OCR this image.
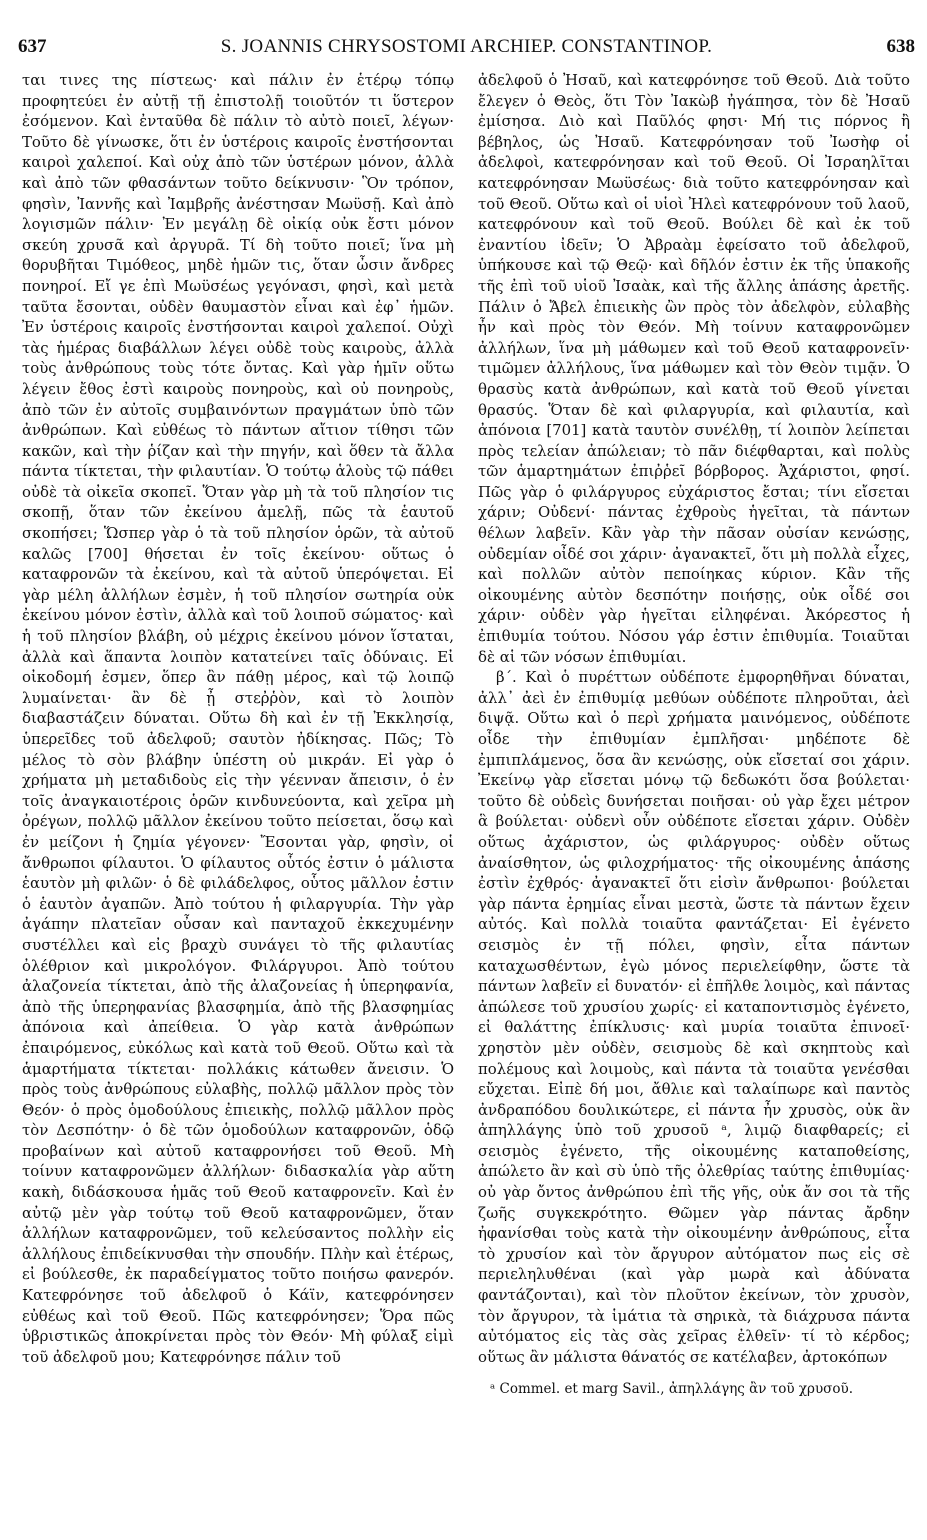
637	S. JOANNIS CHRYSOSTOMI ARCHIEP. CONSTANTINOP.	638

ται τινες της πίστεως· καὶ πάλιν ἐν ἑτέρῳ τόπῳ προφητεύει ἐν αὐτῇ τῇ ἐπιστολῇ τοιοῦτόν τι ὕστερον ἐσόμενον. Καὶ ἐνταῦθα δὲ πάλιν τὸ αὐτὸ ποιεῖ, λέγων· Τοῦτο δὲ γίνωσκε, ὅτι ἐν ὑστέροις καιροῖς ἐνστήσονται καιροὶ χαλεποί. Καὶ οὐχ ἀπὸ τῶν ὑστέρων μόνον, ἀλλὰ καὶ ἀπὸ τῶν φθασάντων τοῦτο δείκνυσιν· Ὃν τρόπον, φησὶν, Ἰαννῆς καὶ Ἰαμβρῆς ἀνέστησαν Μωϋσῇ. Καὶ ἀπὸ λογισμῶν πάλιν· Ἐν μεγάλῃ δὲ οἰκίᾳ οὐκ ἔστι μόνον σκεύη χρυσᾶ καὶ ἀργυρᾶ. Τί δὴ τοῦτο ποιεῖ; ἵνα μὴ θορυβῆται Τιμόθεος, μηδὲ ἡμῶν τις, ὅταν ὦσιν ἄνδρες πονηροί. Εἴ γε ἐπὶ Μωϋσέως γεγόνασι, φησὶ, καὶ μετὰ ταῦτα ἔσονται, οὐδὲν θαυμαστὸν εἶναι καὶ ἐφ᾽ ἡμῶν. Ἐν ὑστέροις καιροῖς ἐνστήσονται καιροὶ χαλεποί. Οὐχὶ τὰς ἡμέρας διαβάλλων λέγει οὐδὲ τοὺς καιροὺς, ἀλλὰ τοὺς ἀνθρώπους τοὺς τότε ὄντας. Καὶ γὰρ ἡμῖν οὕτω λέγειν ἔθος ἐστὶ καιροὺς πονηροὺς, καὶ οὐ πονηροὺς, ἀπὸ τῶν ἐν αὐτοῖς συμβαινόντων πραγμάτων ὑπὸ τῶν ἀνθρώπων. Καὶ εὐθέως τὸ πάντων αἴτιον τίθησι τῶν κακῶν, καὶ τὴν ῥίζαν καὶ τὴν πηγήν, καὶ ὅθεν τὰ ἄλλα πάντα τίκτεται, τὴν φιλαυτίαν. Ὁ τούτῳ ἁλοὺς τῷ πάθει οὐδὲ τὰ οἰκεῖα σκοπεῖ. Ὅταν γὰρ μὴ τὰ τοῦ πλησίον τις σκοπῇ, ὅταν τῶν ἐκείνου ἀμελῇ, πῶς τὰ ἑαυτοῦ σκοπήσει; Ὥσπερ γὰρ ὁ τὰ τοῦ πλησίον ὁρῶν, τὰ αὐτοῦ καλῶς [700] θήσεται ἐν τοῖς ἐκείνου· οὕτως ὁ καταφρονῶν τὰ ἐκείνου, καὶ τὰ αὐτοῦ ὑπερόψεται. Εἰ γὰρ μέλη ἀλλήλων ἐσμὲν, ἡ τοῦ πλησίον σωτηρία οὐκ ἐκείνου μόνον ἐστὶν, ἀλλὰ καὶ τοῦ λοιποῦ σώματος· καὶ ἡ τοῦ πλησίον βλάβη, οὐ μέχρις ἐκείνου μόνον ἵσταται, ἀλλὰ καὶ ἅπαντα λοιπὸν κατατείνει ταῖς ὀδύναις. Εἰ οἰκοδομή ἐσμεν, ὅπερ ἂν πάθῃ μέρος, καὶ τῷ λοιπῷ λυμαίνεται· ἂν δὲ ᾖ στεῤῥὸν, καὶ τὸ λοιπὸν διαβαστάζειν δύναται. Οὕτω δὴ καὶ ἐν τῇ Ἐκκλησίᾳ, ὑπερεῖδες τοῦ ἀδελφοῦ; σαυτὸν ἠδίκησας. Πῶς; Τὸ μέλος τὸ σὸν βλάβην ὑπέστη οὐ μικράν. Εἰ γὰρ ὁ χρήματα μὴ μεταδιδοὺς εἰς τὴν γέενναν ἄπεισιν, ὁ ἐν τοῖς ἀναγκαιοτέροις ὁρῶν κινδυνεύοντα, καὶ χεῖρα μὴ ὀρέγων, πολλῷ μᾶλλον ἐκείνου τοῦτο πείσεται, ὅσῳ καὶ ἐν μείζονι ἡ ζημία γέγονεν· Ἔσονται γὰρ, φησὶν, οἱ ἄνθρωποι φίλαυτοι. Ὁ φίλαυτος οὗτός ἐστιν ὁ μάλιστα ἑαυτὸν μὴ φιλῶν· ὁ δὲ φιλάδελφος, οὗτος μᾶλλον ἐστιν ὁ ἑαυτὸν ἀγαπῶν. Ἀπὸ τούτου ἡ φιλαργυρία. Τὴν γὰρ ἀγάπην πλατεῖαν οὖσαν καὶ πανταχοῦ ἐκκεχυμένην συστέλλει καὶ εἰς βραχὺ συνάγει τὸ τῆς φιλαυτίας ὀλέθριον καὶ μικρολόγον. Φιλάργυροι. Ἀπὸ τούτου ἀλαζονεία τίκτεται, ἀπὸ τῆς ἀλαζονείας ἡ ὑπερηφανία, ἀπὸ τῆς ὑπερηφανίας βλασφημία, ἀπὸ τῆς βλασφημίας ἀπόνοια καὶ ἀπείθεια. Ὁ γὰρ κατὰ ἀνθρώπων ἐπαιρόμενος, εὐκόλως καὶ κατὰ τοῦ Θεοῦ. Οὕτω καὶ τὰ ἁμαρτήματα τίκτεται· πολλάκις κάτωθεν ἄνεισιν. Ὁ πρὸς τοὺς ἀνθρώπους εὐλαβὴς, πολλῷ μᾶλλον πρὸς τὸν Θεόν· ὁ πρὸς ὁμοδούλους ἐπιεικὴς, πολλῷ μᾶλλον πρὸς τὸν Δεσπότην· ὁ δὲ τῶν ὁμοδούλων καταφρονῶν, ὁδῷ προβαίνων καὶ αὐτοῦ καταφρονήσει τοῦ Θεοῦ. Μὴ τοίνυν καταφρονῶμεν ἀλλήλων· διδασκαλία γὰρ αὕτη κακὴ, διδάσκουσα ἡμᾶς τοῦ Θεοῦ καταφρονεῖν. Καὶ ἐν αὐτῷ μὲν γὰρ τούτῳ τοῦ Θεοῦ καταφρονῶμεν, ὅταν ἀλλήλων καταφρονῶμεν, τοῦ κελεύσαντος πολλὴν εἰς ἀλλήλους ἐπιδείκνυσθαι τὴν σπουδήν. Πλὴν καὶ ἑτέρως, εἰ βούλεσθε, ἐκ παραδείγματος τοῦτο ποιήσω φανερόν. Κατεφρόνησε τοῦ ἀδελφοῦ ὁ Κάϊν, κατεφρόνησεν εὐθέως καὶ τοῦ Θεοῦ. Πῶς κατεφρόνησεν; Ὅρα πῶς ὑβριστικῶς ἀποκρίνεται πρὸς τὸν Θεόν· Μὴ φύλαξ εἰμὶ τοῦ ἀδελφοῦ μου; Κατεφρόνησε πάλιν τοῦ

ἀδελφοῦ ὁ Ἠσαῦ, καὶ κατεφρόνησε τοῦ Θεοῦ. Διὰ τοῦτο ἔλεγεν ὁ Θεὸς, ὅτι Τὸν Ἰακὼβ ἠγάπησα, τὸν δὲ Ἠσαῦ ἐμίσησα. Διὸ καὶ Παῦλός φησι· Μή τις πόρνος ἢ βέβηλος, ὡς Ἠσαῦ. Κατεφρόνησαν τοῦ Ἰωσὴφ οἱ ἀδελφοὶ, κατεφρόνησαν καὶ τοῦ Θεοῦ. Οἱ Ἰσραηλῖται κατεφρόνησαν Μωϋσέως· διὰ τοῦτο κατεφρόνησαν καὶ τοῦ Θεοῦ. Οὕτω καὶ οἱ υἱοὶ Ἠλεὶ κατεφρόνουν τοῦ λαοῦ, κατεφρόνουν καὶ τοῦ Θεοῦ. Βούλει δὲ καὶ ἐκ τοῦ ἐναντίου ἰδεῖν; Ὁ Ἀβραὰμ ἐφείσατο τοῦ ἀδελφοῦ, ὑπήκουσε καὶ τῷ Θεῷ· καὶ δῆλόν ἐστιν ἐκ τῆς ὑπακοῆς τῆς ἐπὶ τοῦ υἱοῦ Ἰσαὰκ, καὶ τῆς ἄλλης ἁπάσης ἀρετῆς. Πάλιν ὁ Ἄβελ ἐπιεικὴς ὢν πρὸς τὸν ἀδελφὸν, εὐλαβὴς ἦν καὶ πρὸς τὸν Θεόν. Μὴ τοίνυν καταφρονῶμεν ἀλλήλων, ἵνα μὴ μάθωμεν καὶ τοῦ Θεοῦ καταφρονεῖν· τιμῶμεν ἀλλήλους, ἵνα μάθωμεν καὶ τὸν Θεὸν τιμᾷν. Ὁ θρασὺς κατὰ ἀνθρώπων, καὶ κατὰ τοῦ Θεοῦ γίνεται θρασύς. Ὅταν δὲ καὶ φιλαργυρία, καὶ φιλαυτία, καὶ ἀπόνοια [701] κατὰ ταυτὸν συνέλθῃ, τί λοιπὸν λείπεται πρὸς τελείαν ἀπώλειαν; τὸ πᾶν διέφθαρται, καὶ πολὺς τῶν ἁμαρτημάτων ἐπιῤῥεῖ βόρβορος. Ἀχάριστοι, φησί. Πῶς γὰρ ὁ φιλάργυρος εὐχάριστος ἔσται; τίνι εἴσεται χάριν; Οὐδενί· πάντας ἐχθροὺς ἡγεῖται, τὰ πάντων θέλων λαβεῖν. Κἂν γὰρ τὴν πᾶσαν οὐσίαν κενώσῃς, οὐδεμίαν οἶδέ σοι χάριν· ἀγανακτεῖ, ὅτι μὴ πολλὰ εἶχες, καὶ πολλῶν αὐτὸν πεποίηκας κύριον. Κἂν τῆς οἰκουμένης αὐτὸν δεσπότην ποιήσῃς, οὐκ οἶδέ σοι χάριν· οὐδὲν γὰρ ἡγεῖται εἰληφέναι. Ἀκόρεστος ἡ ἐπιθυμία τούτου. Νόσου γάρ ἐστιν ἐπιθυμία. Τοιαῦται δὲ αἱ τῶν νόσων ἐπιθυμίαι.

β΄. Καὶ ὁ πυρέττων οὐδέποτε ἐμφορηθῆναι δύναται, ἀλλ᾽ ἀεὶ ἐν ἐπιθυμίᾳ μεθύων οὐδέποτε πληροῦται, ἀεὶ διψᾷ. Οὕτω καὶ ὁ περὶ χρήματα μαινόμενος, οὐδέποτε οἶδε τὴν ἐπιθυμίαν ἐμπλῆσαι· μηδέποτε δὲ ἐμπιπλάμενος, ὅσα ἂν κενώσῃς, οὐκ εἴσεταί σοι χάριν. Ἐκείνῳ γὰρ εἴσεται μόνῳ τῷ δεδωκότι ὅσα βούλεται· τοῦτο δὲ οὐδεὶς δυνήσεται ποιῆσαι· οὐ γὰρ ἔχει μέτρον ἃ βούλεται· οὐδενὶ οὖν οὐδέποτε εἴσεται χάριν. Οὐδὲν οὕτως ἀχάριστον, ὡς φιλάργυρος· οὐδὲν οὕτως ἀναίσθητον, ὡς φιλοχρήματος· τῆς οἰκουμένης ἁπάσης ἐστὶν ἐχθρός· ἀγανακτεῖ ὅτι εἰσὶν ἄνθρωποι· βούλεται γὰρ πάντα ἐρημίας εἶναι μεστὰ, ὥστε τὰ πάντων ἔχειν αὐτός. Καὶ πολλὰ τοιαῦτα φαντάζεται· Εἰ ἐγένετο σεισμὸς ἐν τῇ πόλει, φησὶν, εἶτα πάντων καταχωσθέντων, ἐγὼ μόνος περιελείφθην, ὥστε τὰ πάντων λαβεῖν εἰ δυνατόν· εἰ ἐπῆλθε λοιμὸς, καὶ πάντας ἀπώλεσε τοῦ χρυσίου χωρίς· εἰ καταποντισμὸς ἐγένετο, εἰ θαλάττης ἐπίκλυσις· καὶ μυρία τοιαῦτα ἐπινοεῖ· χρηστὸν μὲν οὐδὲν, σεισμοὺς δὲ καὶ σκηπτοὺς καὶ πολέμους καὶ λοιμοὺς, καὶ πάντα τὰ τοιαῦτα γενέσθαι εὔχεται. Εἰπὲ δή μοι, ἄθλιε καὶ ταλαίπωρε καὶ παντὸς ἀνδραπόδου δουλικώτερε, εἰ πάντα ἦν χρυσὸς, οὐκ ἂν ἀπηλλάγης ὑπὸ τοῦ χρυσοῦ ᵃ, λιμῷ διαφθαρείς; εἰ σεισμὸς ἐγένετο, τῆς οἰκουμένης καταποθείσης, ἀπώλετο ἂν καὶ σὺ ὑπὸ τῆς ὀλεθρίας ταύτης ἐπιθυμίας· οὐ γὰρ ὄντος ἀνθρώπου ἐπὶ τῆς γῆς, οὐκ ἄν σοι τὰ τῆς ζωῆς συγκεκρότητο. Θῶμεν γὰρ πάντας ἄρδην ἠφανίσθαι τοὺς κατὰ τὴν οἰκουμένην ἀνθρώπους, εἶτα τὸ χρυσίον καὶ τὸν ἄργυρον αὐτόματον πως εἰς σὲ περιεληλυθέναι (καὶ γὰρ μωρὰ καὶ ἀδύνατα φαντάζονται), καὶ τὸν πλοῦτον ἐκείνων, τὸν χρυσὸν, τὸν ἄργυρον, τὰ ἱμάτια τὰ σηρικὰ, τὰ διάχρυσα πάντα αὐτόματος εἰς τὰς σὰς χεῖρας ἐλθεῖν· τί τὸ κέρδος; οὕτως ἂν μάλιστα θάνατός σε κατέλαβεν, ἀρτοκόπων

ᵃ Commel. et marg Savil., ἀπηλλάγης ἂν τοῦ χρυσοῦ.
